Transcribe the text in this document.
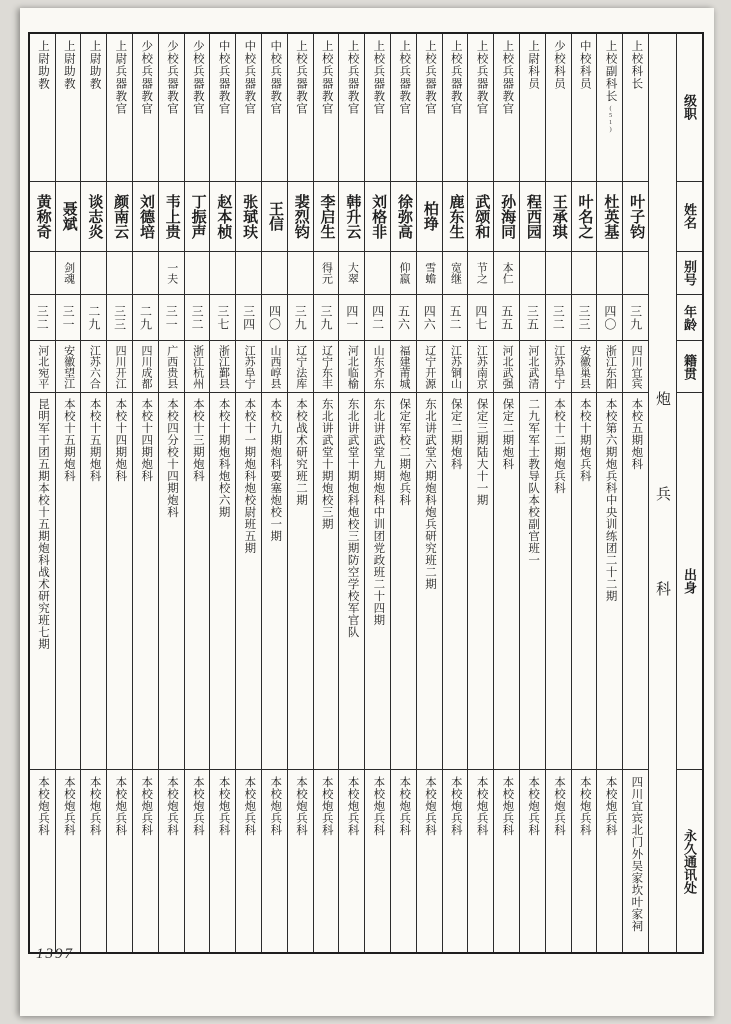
级职
姓名
别号
年龄
籍贯
出身
永久通讯处
炮
兵
科
上校科长
叶子钧
三九
四川宜宾
本校五期炮科
四川宜宾北门外吴家坎叶家祠
上校副科长
(51)
杜英基
四〇
浙江东阳
本校第六期炮兵科中央训练团二十二期
本校炮兵科
中校科员
叶名之
三三
安徽巢县
本校十期炮兵科
本校炮兵科
少校科员
王承琪
三二
江苏阜宁
本校十二期炮兵科
本校炮兵科
上尉科员
程西园
三五
河北武清
二九军军士教导队本校副官班一
本校炮兵科
上校兵器教官
孙海同
本仁
五五
河北武强
保定二期炮科
本校炮兵科
上校兵器教官
武颂和
节之
四七
江苏南京
保定三期陆大十一期
本校炮兵科
上校兵器教官
鹿东生
宽继
五二
江苏铜山
保定二期炮科
本校炮兵科
上校兵器教官
柏琤
雪蟾
四六
辽宁开源
东北讲武堂六期炮科炮兵研究班二期
本校炮兵科
上校兵器教官
徐弥高
仰嬴
五六
福建莆城
保定军校二期炮兵科
本校炮兵科
上校兵器教官
刘格非
四二
山东齐东
东北讲武堂九期炮科中训团党政班二十四期
本校炮兵科
上校兵器教官
韩升云
大翠
四一
河北临榆
东北讲武堂十期炮科炮校三期防空学校军官队
本校炮兵科
上校兵器教官
李启生
得元
三九
辽宁东丰
东北讲武堂十期炮校三期
本校炮兵科
上校兵器教官
裴烈钧
三九
辽宁法库
本校战术研究班二期
本校炮兵科
中校兵器教官
王信
四〇
山西崞县
本校九期炮科要塞炮校一期
本校炮兵科
中校兵器教官
张珷玞
三四
江苏阜宁
本校十一期炮科炮校尉班五期
本校炮兵科
中校兵器教官
赵本桢
三七
浙江鄞县
本校十期炮科炮校六期
本校炮兵科
少校兵器教官
丁振声
三二
浙江杭州
本校十三期炮科
本校炮兵科
少校兵器教官
韦上贵
一夫
三一
广西贵县
本校四分校十四期炮科
本校炮兵科
少校兵器教官
刘德培
二九
四川成都
本校十四期炮科
本校炮兵科
上尉兵器教官
颜南云
三三
四川开江
本校十四期炮科
本校炮兵科
上尉助教
谈志炎
二九
江苏六合
本校十五期炮科
本校炮兵科
上尉助教
聂斌
剑魂
三一
安徽望江
本校十五期炮科
本校炮兵科
上尉助教
黄称奇
三二
河北宛平
昆明军干团五期本校十五期炮科战术研究班七期
本校炮兵科
1397
